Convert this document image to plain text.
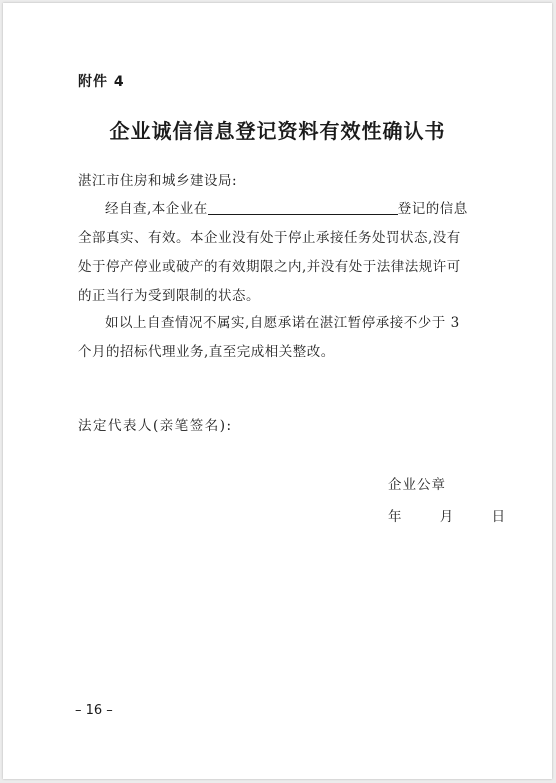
附件 4
企业诚信信息登记资料有效性确认书
湛江市住房和城乡建设局:
经自查,本企业在	登记的信息
全部真实、有效。本企业没有处于停止承接任务处罚状态,没有
处于停产停业或破产的有效期限之内,并没有处于法律法规许可
的正当行为受到限制的状态。
如以上自查情况不属实,自愿承诺在湛江暂停承接不少于 3
个月的招标代理业务,直至完成相关整改。
法定代表人(亲笔签名):
企业公章
年	月	日
– 16 –
